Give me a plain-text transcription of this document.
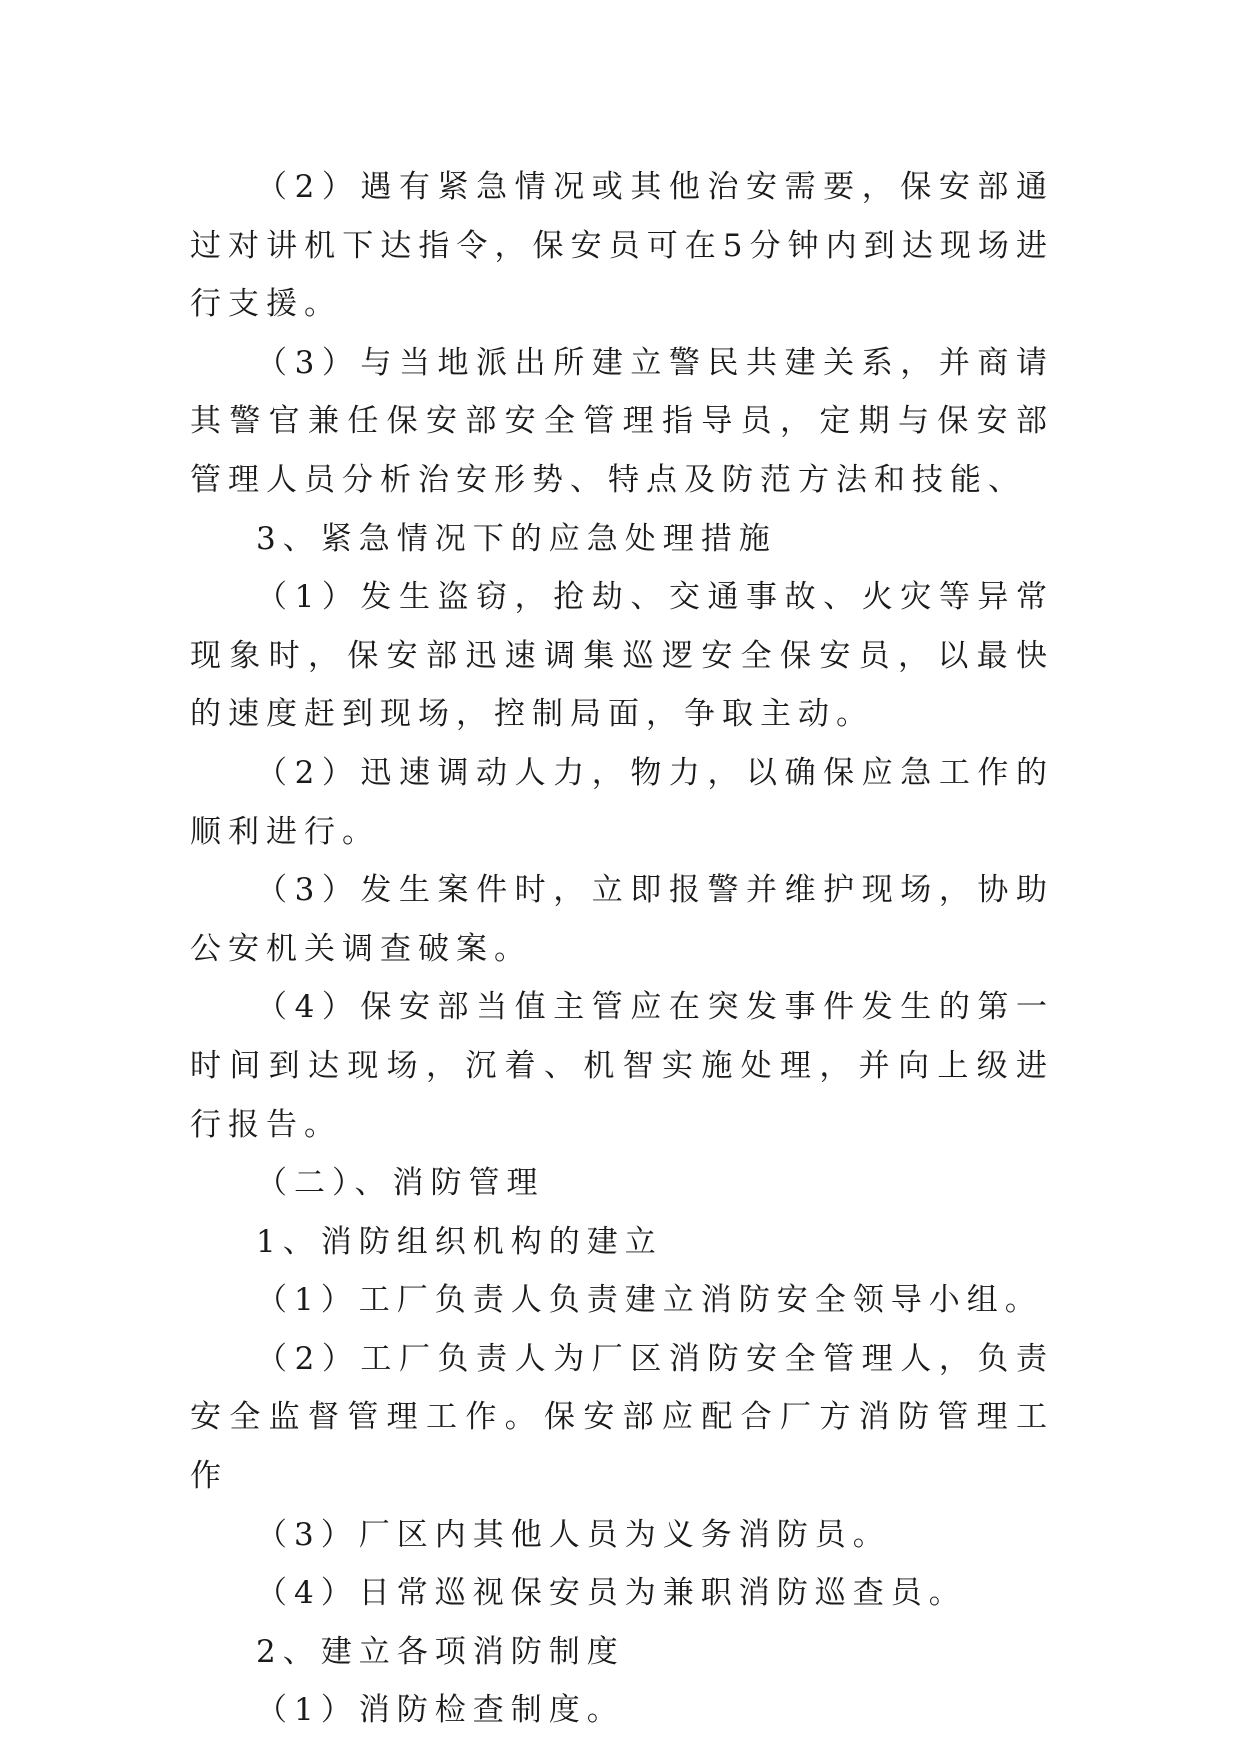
（2）遇有紧急情况或其他治安需要，保安部通过对讲机下达指令，保安员可在5分钟内到达现场进行支援。

（3）与当地派出所建立警民共建关系，并商请其警官兼任保安部安全管理指导员，定期与保安部管理人员分析治安形势、特点及防范方法和技能、

3、紧急情况下的应急处理措施

（1）发生盗窃，抢劫、交通事故、火灾等异常现象时，保安部迅速调集巡逻安全保安员，以最快的速度赶到现场，控制局面，争取主动。

（2）迅速调动人力，物力，以确保应急工作的顺利进行。

（3）发生案件时，立即报警并维护现场，协助公安机关调查破案。

（4）保安部当值主管应在突发事件发生的第一时间到达现场，沉着、机智实施处理，并向上级进行报告。

（二）、消防管理

1、消防组织机构的建立

（1）工厂负责人负责建立消防安全领导小组。

（2）工厂负责人为厂区消防安全管理人，负责安全监督管理工作。保安部应配合厂方消防管理工作

（3）厂区内其他人员为义务消防员。

（4）日常巡视保安员为兼职消防巡查员。

2、建立各项消防制度

（1）消防检查制度。
